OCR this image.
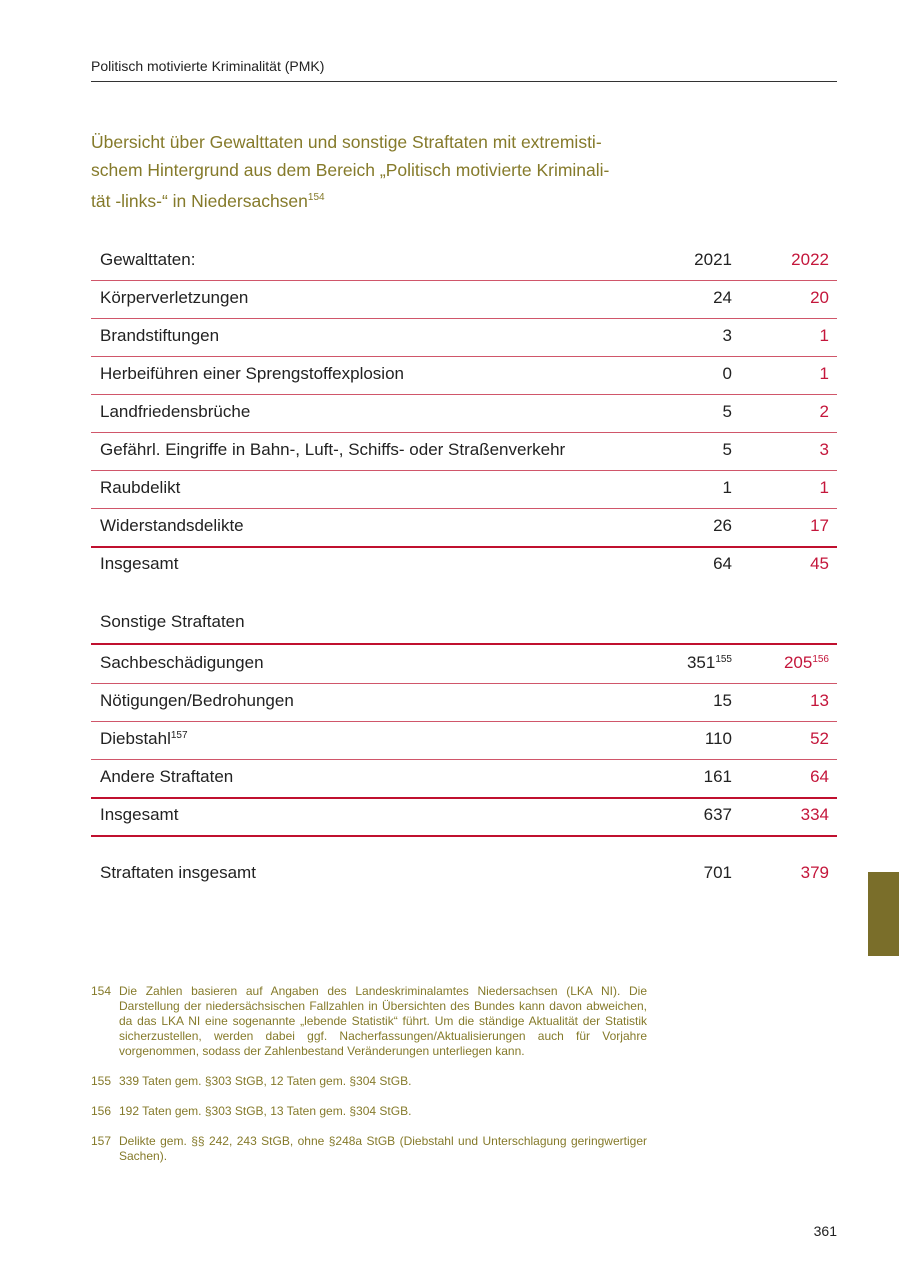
Politisch motivierte Kriminalität (PMK)
Übersicht über Gewalttaten und sonstige Straftaten mit extremisti-
schem Hintergrund aus dem Bereich „Politisch motivierte Kriminali-
tät -links-“ in Niedersachsen$^{154}$
Gewalttaten:	2021	2022
Körperverletzungen	24	20
Brandstiftungen	3	1
Herbeiführen einer Sprengstoffexplosion	0	1
Landfriedensbrüche	5	2
Gefährl. Eingriffe in Bahn-, Luft-, Schiffs- oder Straßenverkehr	5	3
Raubdelikt	1	1
Widerstandsdelikte	26	17
Insgesamt	64	45
Sonstige Straftaten
Sachbeschädigungen	$351^{155}$	$205^{156}$
Nötigungen/Bedrohungen	15	13
Diebstahl$^{157}$	110	52
Andere Straftaten	161	64
Insgesamt	637	334
Straftaten insgesamt	701	379
154 Die Zahlen basieren auf Angaben des Landeskriminalamtes Niedersachsen (LKA NI). Die Darstellung der niedersächsischen Fallzahlen in Übersichten des Bundes kann davon abweichen, da das LKA NI eine sogenannte „lebende Statistik“ führt. Um die ständige Aktualität der Statistik sicherzustellen, werden dabei ggf. Nacherfassungen/Aktualisierungen auch für Vorjahre vorgenommen, sodass der Zahlenbestand Veränderungen unterliegen kann.
155 339 Taten gem. §303 StGB, 12 Taten gem. §304 StGB.
156 192 Taten gem. §303 StGB, 13 Taten gem. §304 StGB.
157 Delikte gem. §§ 242, 243 StGB, ohne §248a StGB (Diebstahl und Unterschlagung geringwertiger Sachen).
361
